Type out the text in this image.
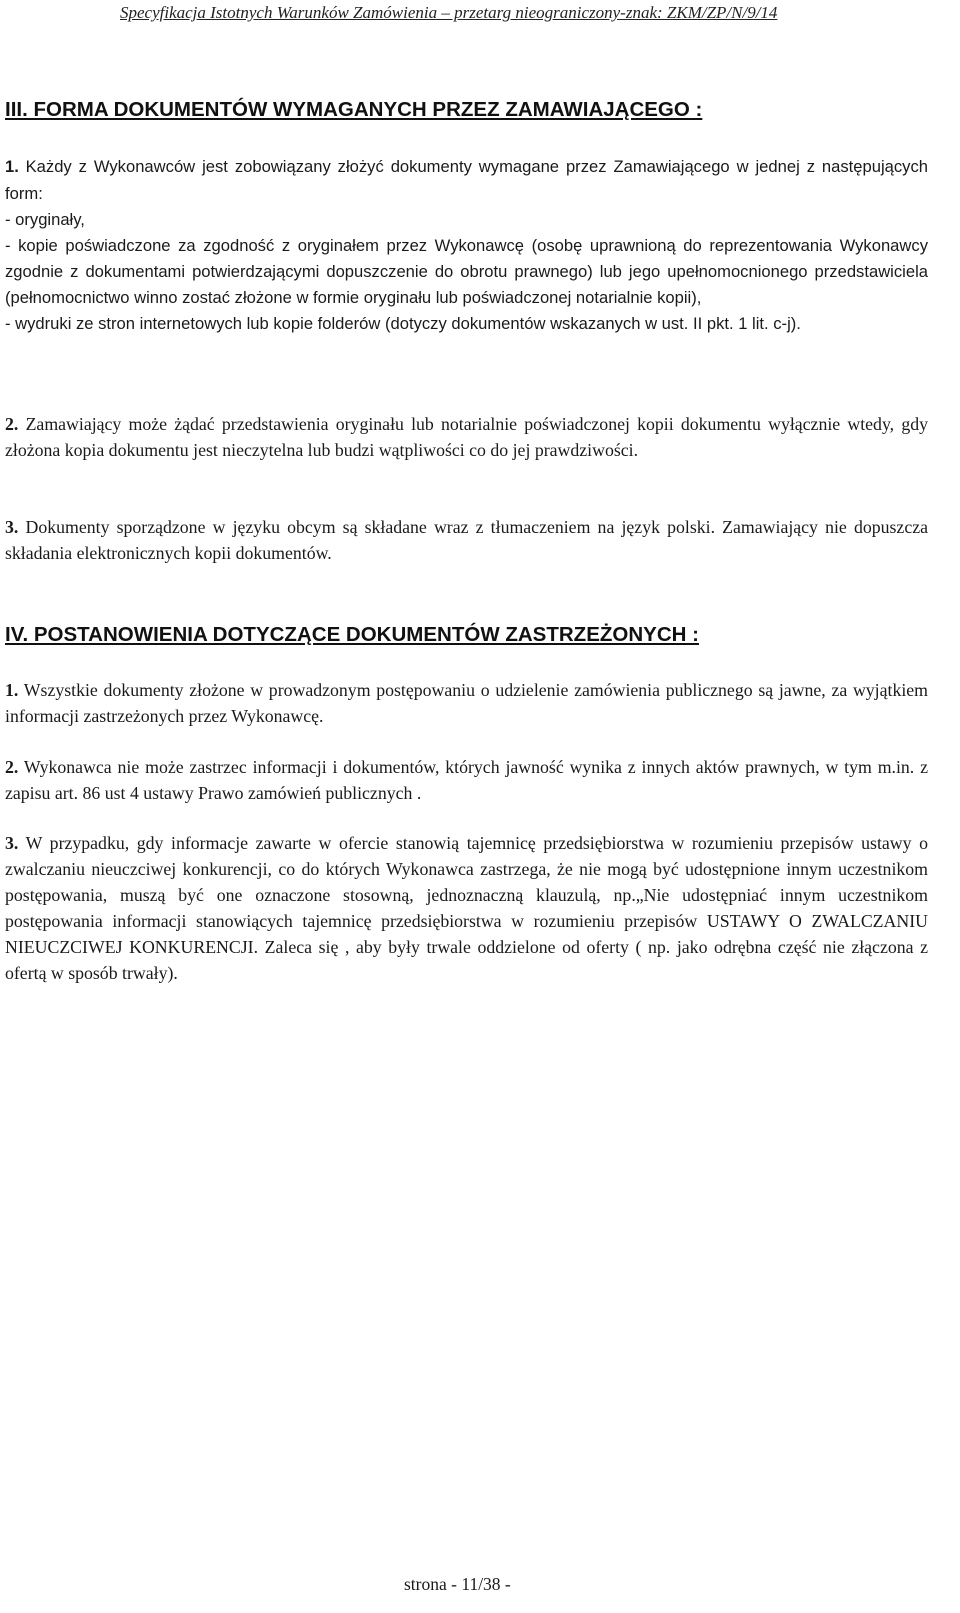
Specyfikacja Istotnych Warunków Zamówienia – przetarg nieograniczony-znak: ZKM/ZP/N/9/14
III. FORMA DOKUMENTÓW WYMAGANYCH PRZEZ ZAMAWIAJĄCEGO :
1. Każdy z Wykonawców jest zobowiązany złożyć dokumenty wymagane przez Zamawiającego w jednej z następujących form:
- oryginały,
- kopie poświadczone za zgodność z oryginałem przez Wykonawcę (osobę uprawnioną do reprezentowania Wykonawcy zgodnie z dokumentami potwierdzającymi dopuszczenie do obrotu prawnego) lub jego upełnomocnionego przedstawiciela (pełnomocnictwo winno zostać złożone w formie oryginału lub poświadczonej notarialnie kopii),
- wydruki ze stron internetowych lub kopie folderów (dotyczy dokumentów wskazanych w ust. II pkt. 1 lit. c-j).
2. Zamawiający może żądać przedstawienia oryginału lub notarialnie poświadczonej kopii dokumentu wyłącznie wtedy, gdy złożona kopia dokumentu jest nieczytelna lub budzi wątpliwości co do jej prawdziwości.
3. Dokumenty sporządzone w języku obcym są składane wraz z tłumaczeniem na język polski. Zamawiający nie dopuszcza składania elektronicznych kopii dokumentów.
IV. POSTANOWIENIA DOTYCZĄCE DOKUMENTÓW ZASTRZEŻONYCH :
1. Wszystkie dokumenty złożone w prowadzonym postępowaniu o udzielenie zamówienia publicznego są jawne, za wyjątkiem informacji zastrzeżonych przez Wykonawcę.
2. Wykonawca nie może zastrzec informacji i dokumentów, których jawność wynika z innych aktów prawnych, w tym m.in. z zapisu art. 86 ust 4 ustawy Prawo zamówień publicznych .
3. W przypadku, gdy informacje zawarte w ofercie stanowią tajemnicę przedsiębiorstwa w rozumieniu przepisów ustawy o zwalczaniu nieuczciwej konkurencji, co do których Wykonawca zastrzega, że nie mogą być udostępnione innym uczestnikom postępowania, muszą być one oznaczone stosowną, jednoznaczną klauzulą, np.„Nie udostępniać innym uczestnikom postępowania informacji stanowiących tajemnicę przedsiębiorstwa w rozumieniu przepisów USTAWY O ZWALCZANIU NIEUCZCIWEJ KONKURENCJI. Zaleca się , aby były trwale oddzielone od oferty ( np. jako odrębna część nie złączona z ofertą w sposób trwały).
strona - 11/38 -
